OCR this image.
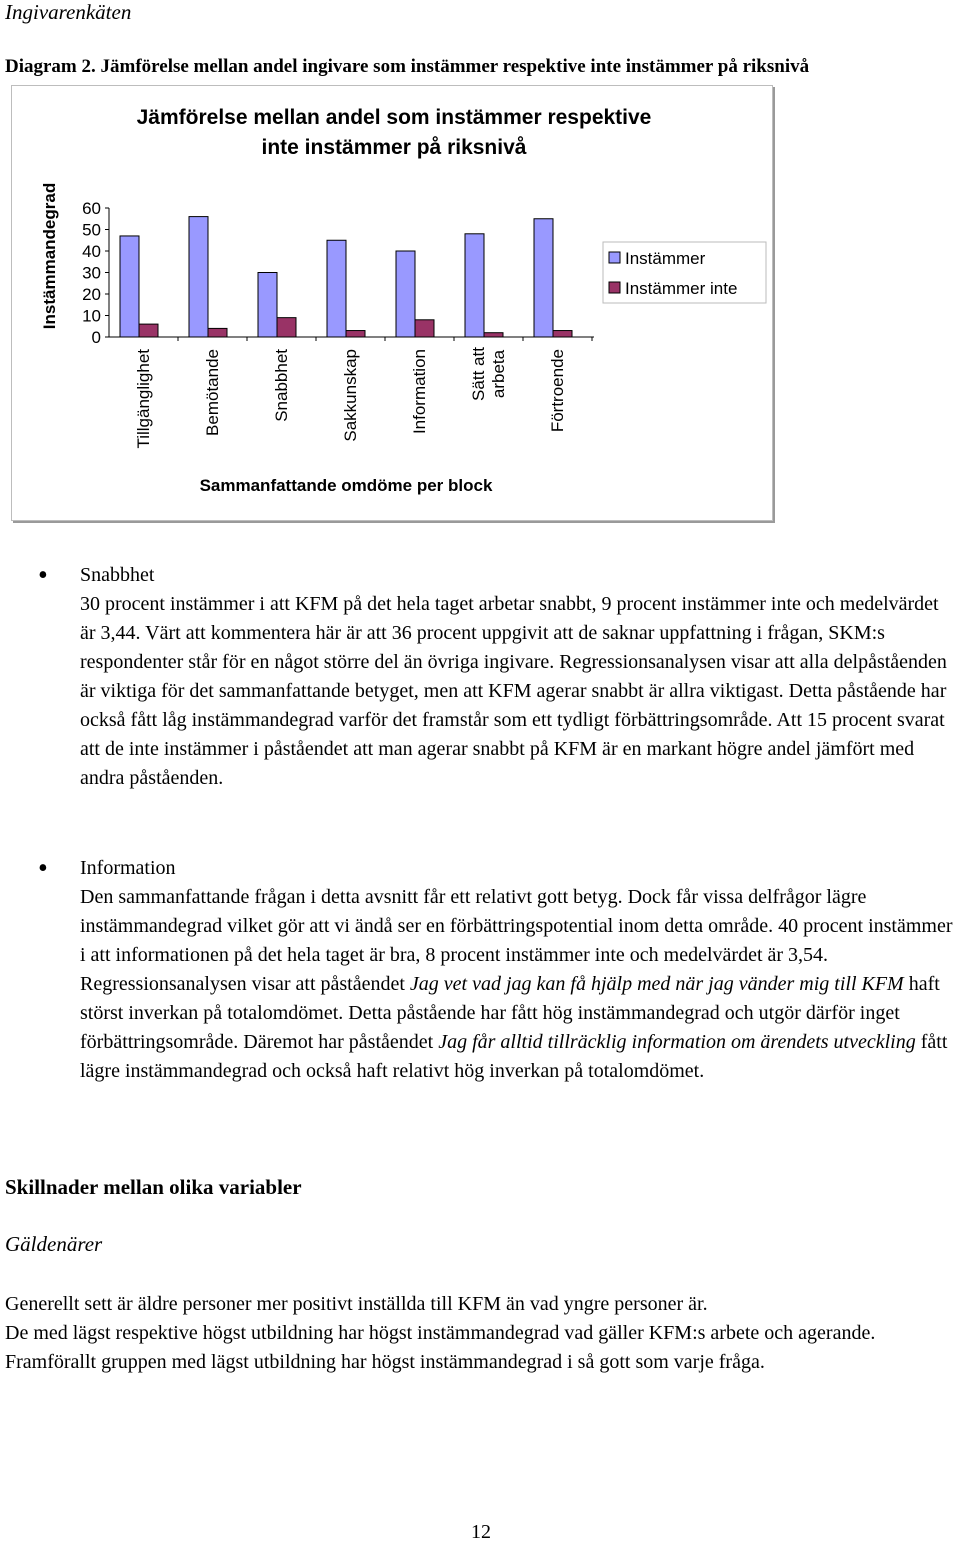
Ingivarenkäten
Diagram 2. Jämförelse mellan andel ingivare som instämmer respektive inte instämmer på riksnivå
Jämförelse mellan andel som instämmer respektive
inte instämmer på riksnivå
Instämmandegrad
Sammanfattande omdöme per block
60
50
40
30
20
10
0
Tillgänglighet	Bemötande	Snabbhet	Sakkunskap	Information Sätt att arbeta Förtroende
Instämmer
Instämmer inte
• Snabbhet

30 procent instämmer i att KFM på det hela taget arbetar snabbt, 9 procent instämmer inte och medelvärdet är 3,44. Värt att kommentera här är att 36 procent uppgivit att de saknar uppfattning i frågan, SKM:s respondenter står för en något större del än övriga ingivare. Regressionsanalysen visar att alla delpåståenden är viktiga för det sammanfattande betyget, men att KFM agerar snabbt är allra viktigast. Detta påstående har också fått låg instämmandegrad varför det framstår som ett tydligt förbättringsområde. Att 15 procent svarat att de inte instämmer i påståendet att man agerar snabbt på KFM är en markant högre andel jämfört med andra påståenden.

• Information

Den sammanfattande frågan i detta avsnitt får ett relativt gott betyg. Dock får vissa delfrågor lägre instämmandegrad vilket gör att vi ändå ser en förbättringspotential inom detta område. 40 procent instämmer i att informationen på det hela taget är bra, 8 procent instämmer inte och medelvärdet är 3,54. Regressionsanalysen visar att påståendet Jag vet vad jag kan få hjälp med när jag vänder mig till KFM haft störst inverkan på totalomdömet. Detta påstående har fått hög instämmandegrad och utgör därför inget förbättringsområde. Däremot har påståendet Jag får alltid tillräcklig information om ärendets utveckling fått lägre instämmandegrad och också haft relativt hög inverkan på totalomdömet.

Skillnader mellan olika variabler
Gäldenärer
Generellt sett är äldre personer mer positivt inställda till KFM än vad yngre personer är.
De med lägst respektive högst utbildning har högst instämmandegrad vad gäller KFM:s arbete och agerande. Framförallt gruppen med lägst utbildning har högst instämmandegrad i så gott som varje fråga.
12
